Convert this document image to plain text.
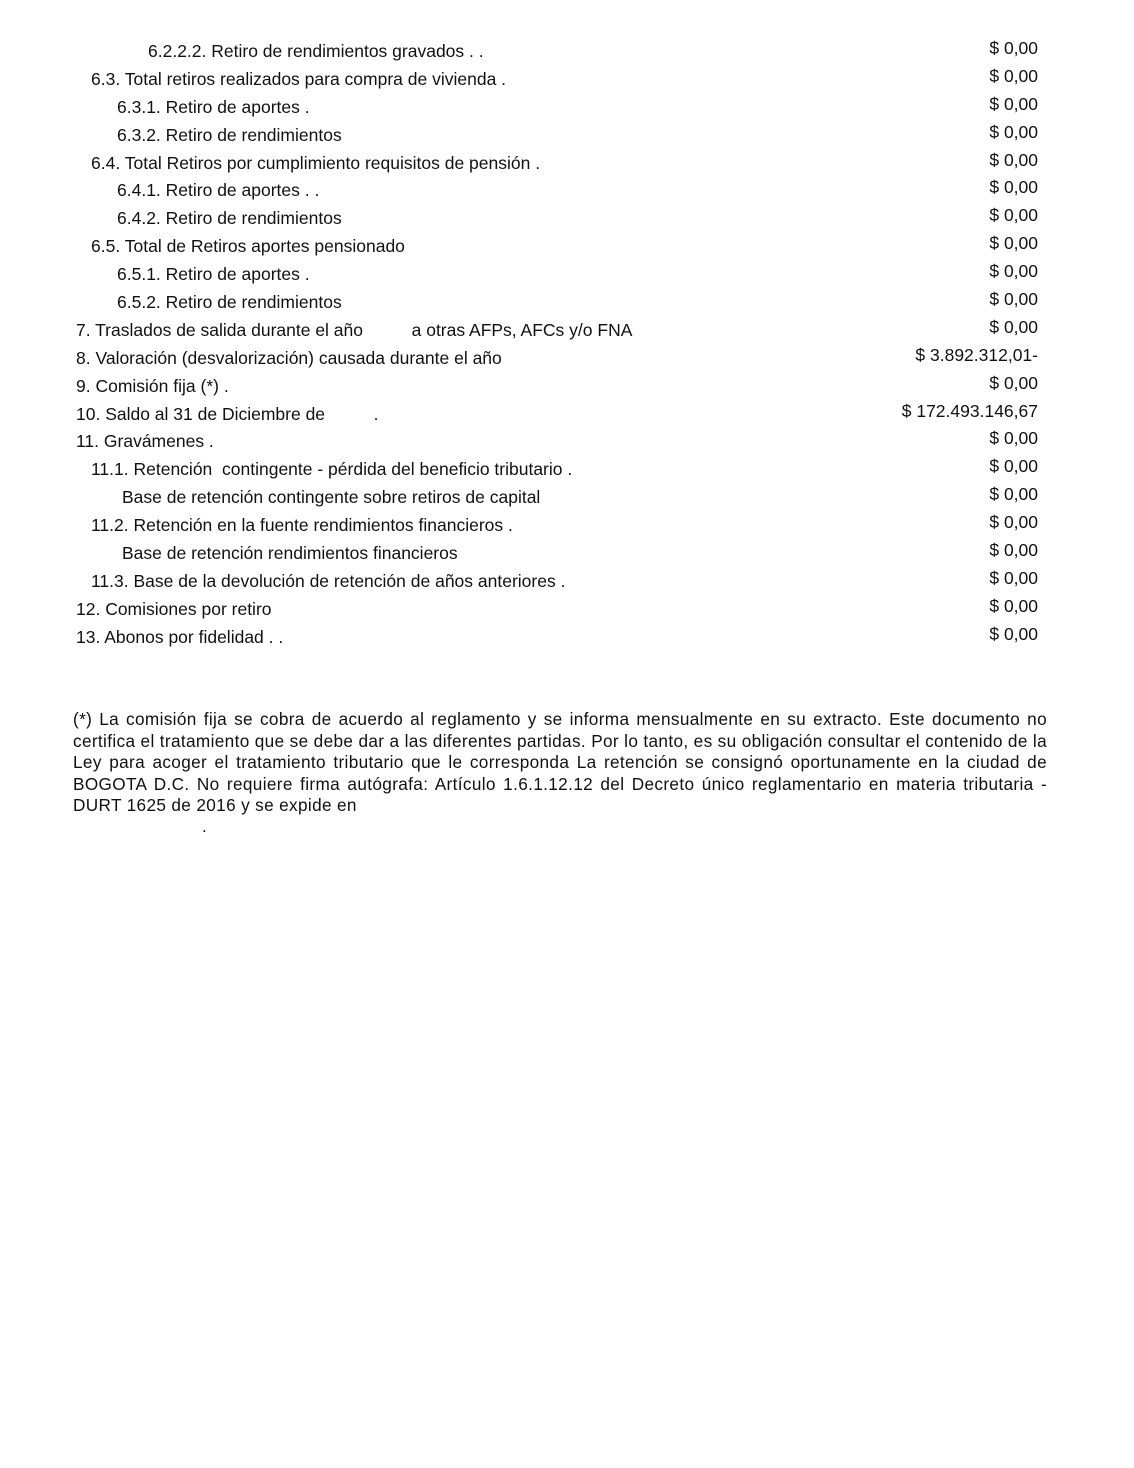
6.2.2.2. Retiro de rendimientos gravados . .	$ 0,00
6.3. Total retiros realizados para compra de vivienda .	$ 0,00
6.3.1. Retiro de aportes .	$ 0,00
6.3.2. Retiro de rendimientos	$ 0,00
6.4. Total Retiros por cumplimiento requisitos de pensión .	$ 0,00
6.4.1. Retiro de aportes . .	$ 0,00
6.4.2. Retiro de rendimientos	$ 0,00
6.5. Total de Retiros aportes pensionado	$ 0,00
6.5.1. Retiro de aportes .	$ 0,00
6.5.2. Retiro de rendimientos	$ 0,00
7. Traslados de salida durante el año          a otras AFPs, AFCs y/o FNA	$ 0,00
8. Valoración (desvalorización) causada durante el año	$ 3.892.312,01-
9. Comisión fija (*) .	$ 0,00
10. Saldo al 31 de Diciembre de          .	$ 172.493.146,67
11. Gravámenes .	$ 0,00
11.1. Retención  contingente - pérdida del beneficio tributario .	$ 0,00
Base de retención contingente sobre retiros de capital	$ 0,00
11.2. Retención en la fuente rendimientos financieros .	$ 0,00
Base de retención rendimientos financieros	$ 0,00
11.3. Base de la devolución de retención de años anteriores .	$ 0,00
12. Comisiones por retiro	$ 0,00
13. Abonos por fidelidad . .	$ 0,00

(*) La comisión fija se cobra de acuerdo al reglamento y se informa mensualmente en su extracto. Este documento no certifica el tratamiento que se debe dar a las diferentes partidas. Por lo tanto, es su obligación consultar el contenido de la Ley para acoger el tratamiento tributario que le corresponda La retención se consignó oportunamente en la ciudad de BOGOTA D.C. No requiere firma autógrafa: Artículo 1.6.1.12.12 del Decreto único reglamentario en materia tributaria - DURT 1625 de 2016 y se expide en

.
